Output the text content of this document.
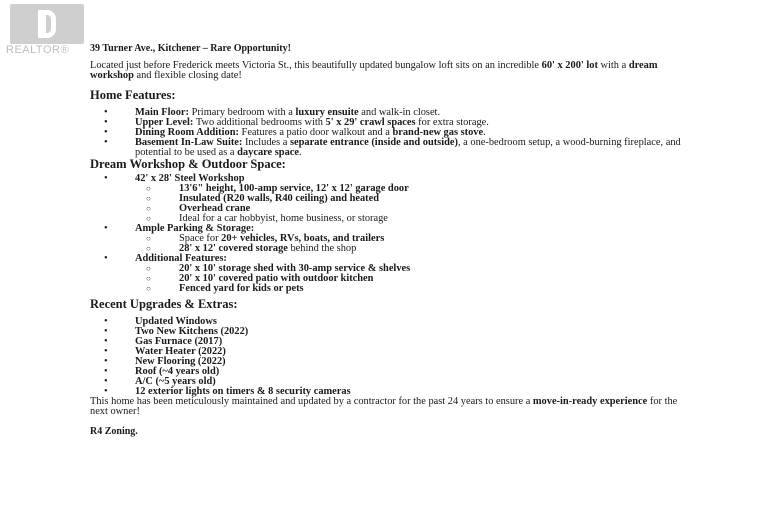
REALTOR® 39 Turner Ave., Kitchener – Rare Opportunity!
Located just before Frederick meets Victoria St., this beautifully updated bungalow loft sits on an incredible 60' x 200' lot with a dream workshop and flexible closing date!
Home Features:
• Main Floor: Primary bedroom with a luxury ensuite and walk-in closet.
• Upper Level: Two additional bedrooms with 5' x 29' crawl spaces for extra storage.
• Dining Room Addition: Features a patio door walkout and a brand-new gas stove.
• Basement In-Law Suite: Includes a separate entrance (inside and outside), a one-bedroom setup, a wood-burning fireplace, and potential to be used as a daycare space.
Dream Workshop & Outdoor Space:
• 42' x 28' Steel Workshop
○ 13'6" height, 100-amp service, 12' x 12' garage door
○ Insulated (R20 walls, R40 ceiling) and heated
○ Overhead crane
○ Ideal for a car hobbyist, home business, or storage
• Ample Parking & Storage:
○ Space for 20+ vehicles, RVs, boats, and trailers
○ 28' x 12' covered storage behind the shop
• Additional Features:
○ 20' x 10' storage shed with 30-amp service & shelves
○ 20' x 10' covered patio with outdoor kitchen
○ Fenced yard for kids or pets
Recent Upgrades & Extras:
• Updated Windows
• Two New Kitchens (2022)
• Gas Furnace (2017)
• Water Heater (2022)
• New Flooring (2022)
• Roof (~4 years old)
• A/C (~5 years old)
• 12 exterior lights on timers & 8 security cameras
This home has been meticulously maintained and updated by a contractor for the past 24 years to ensure a move-in-ready experience for the next owner!
R4 Zoning.
